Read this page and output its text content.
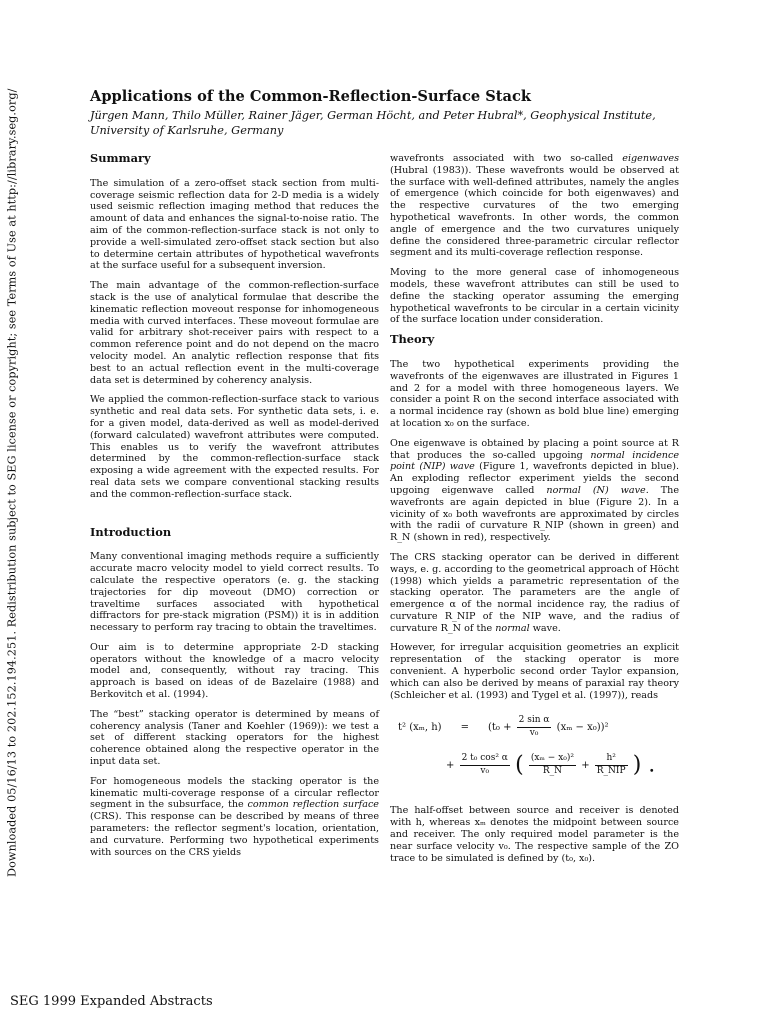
Downloaded 05/16/13 to 202.152.194.251. Redistribution subject to SEG license or copyright; see Terms of Use at http://library.seg.org/	Applications of the Common-Reflection-Surface Stack

Jürgen Mann, Thilo Müller, Rainer Jäger, German Höcht, and Peter Hubral*, Geophysical Institute, University of Karlsruhe, Germany

Summary

The simulation of a zero-offset stack section from multi-coverage seismic reflection data for 2-D media is a widely used seismic reflection imaging method that reduces the amount of data and enhances the signal-to-noise ratio. The aim of the common-reflection-surface stack is not only to provide a well-simulated zero-offset stack section but also to determine certain attributes of hypothetical wavefronts at the surface useful for a subsequent inversion.

The main advantage of the common-reflection-surface stack is the use of analytical formulae that describe the kinematic reflection moveout response for inhomogeneous media with curved interfaces. These moveout formulae are valid for arbitrary shot-receiver pairs with respect to a common reference point and do not depend on the macro velocity model. An analytic reflection response that fits best to an actual reflection event in the multi-coverage data set is determined by coherency analysis.

We applied the common-reflection-surface stack to various synthetic and real data sets. For synthetic data sets, i. e. for a given model, data-derived as well as model-derived (forward calculated) wavefront attributes were computed. This enables us to verify the wavefront attributes determined by the common-reflection-surface stack exposing a wide agreement with the expected results. For real data sets we compare conventional stacking results and the common-reflection-surface stack.

Introduction

Many conventional imaging methods require a sufficiently accurate macro velocity model to yield correct results. To calculate the respective operators (e. g. the stacking trajectories for dip moveout (DMO) correction or traveltime surfaces associated with hypothetical diffractors for pre-stack migration (PSM)) it is in addition necessary to perform ray tracing to obtain the traveltimes.

Our aim is to determine appropriate 2-D stacking operators without the knowledge of a macro velocity model and, consequently, without ray tracing. This approach is based on ideas of de Bazelaire (1988) and Berkovitch et al. (1994).

The “best” stacking operator is determined by means of coherency analysis (Taner and Koehler (1969)): we test a set of different stacking operators for the highest coherence obtained along the respective operator in the input data set.

For homogeneous models the stacking operator is the kinematic multi-coverage response of a circular reflector segment in the subsurface, the common reflection surface (CRS). This response can be described by means of three parameters: the reflector segment's location, orientation, and curvature. Performing two hypothetical experiments with sources on the CRS yields

wavefronts associated with two so-called eigenwaves (Hubral (1983)). These wavefronts would be observed at the surface with well-defined attributes, namely the angles of emergence (which coincide for both eigenwaves) and the respective curvatures of the two emerging hypothetical wavefronts. In other words, the common angle of emergence and the two curvatures uniquely define the considered three-parametric circular reflector segment and its multi-coverage reflection response.

Moving to the more general case of inhomogeneous models, these wavefront attributes can still be used to define the stacking operator assuming the emerging hypothetical wavefronts to be circular in a certain vicinity of the surface location under consideration.

Theory

The two hypothetical experiments providing the wavefronts of the eigenwaves are illustrated in Figures 1 and 2 for a model with three homogeneous layers. We consider a point R on the second interface associated with a normal incidence ray (shown as bold blue line) emerging at location x₀ on the surface.

One eigenwave is obtained by placing a point source at R that produces the so-called upgoing normal incidence point (NIP) wave (Figure 1, wavefronts depicted in blue). An exploding reflector experiment yields the second upgoing eigenwave called normal (N) wave. The wavefronts are again depicted in blue (Figure 2). In a vicinity of x₀ both wavefronts are approximated by circles with the radii of curvature R_NIP (shown in green) and R_N (shown in red), respectively.

The CRS stacking operator can be derived in different ways, e. g. according to the geometrical approach of Höcht (1998) which yields a parametric representation of the stacking operator. The parameters are the angle of emergence α of the normal incidence ray, the radius of curvature R_NIP of the NIP wave, and the radius of curvature R_N of the normal wave.

However, for irregular acquisition geometries an explicit representation of the stacking operator is more convenient. A hyperbolic second order Taylor expansion, which can also be derived by means of paraxial ray theory (Schleicher et al. (1993) and Tygel et al. (1997)), reads

t² (xₘ, $h) = (t_0 + \frac{\text{2 sin α}}{\text{v₀}} (x_m - x_0))^2$
+ $\frac{\text{2 t₀ cos² α}}{\text{v₀}}$ ( $\frac{\text{(xₘ − x₀)²}}{R\_N} + \frac{\text{h²}}{\text{R\_NIP}}$ ) .

The half-offset between source and receiver is denoted with h, whereas xₘ denotes the midpoint between source and receiver. The only required model parameter is the near surface velocity v₀. The respective sample of the ZO trace to be simulated is defined by (t₀, x₀).

SEG 1999 Expanded Abstracts
